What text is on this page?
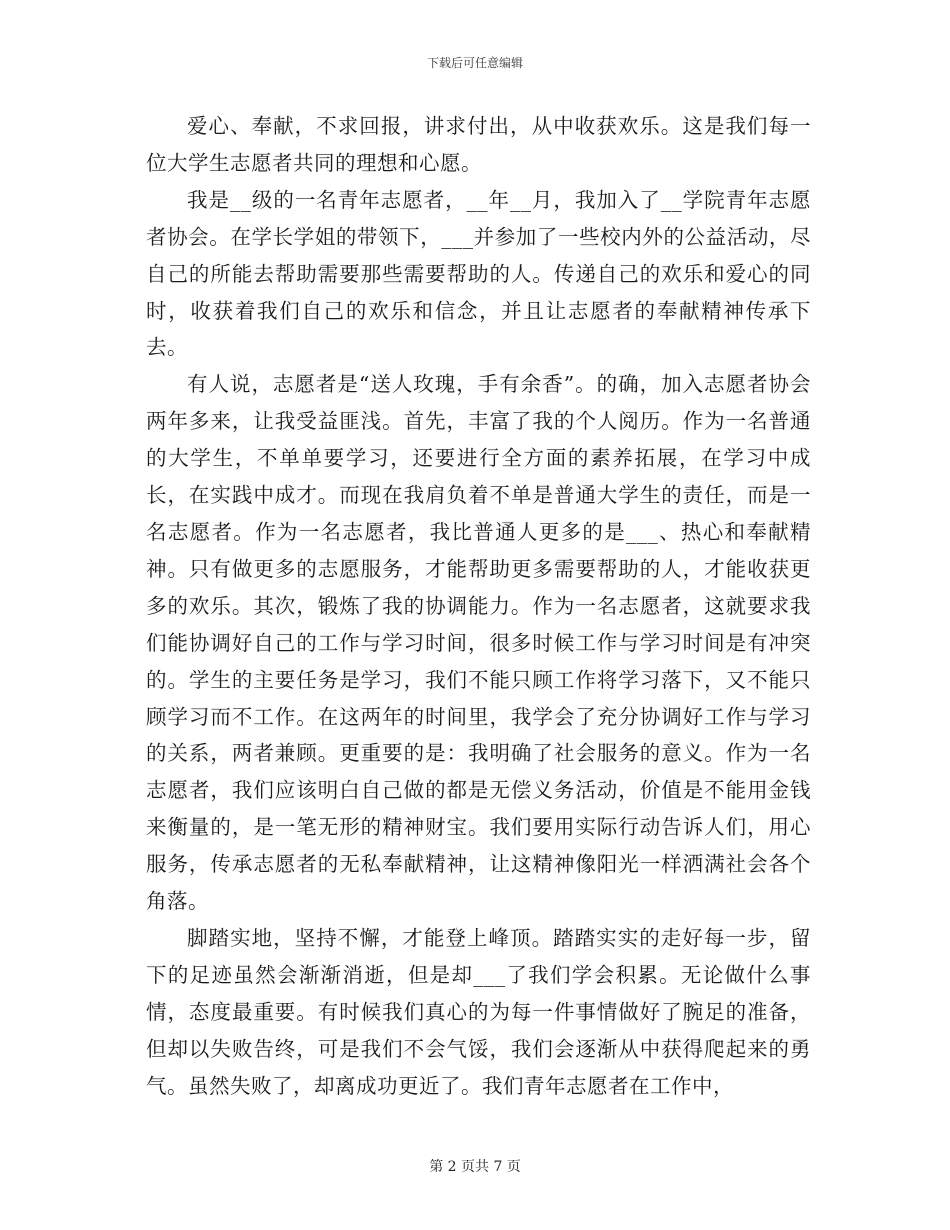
下载后可任意编辑

爱心、奉献，不求回报，讲求付出，从中收获欢乐。这是我们每一位大学生志愿者共同的理想和心愿。

我是__级的一名青年志愿者，__年__月，我加入了__学院青年志愿者协会。在学长学姐的带领下，___并参加了一些校内外的公益活动，尽自己的所能去帮助需要那些需要帮助的人。传递自己的欢乐和爱心的同时，收获着我们自己的欢乐和信念，并且让志愿者的奉献精神传承下去。

有人说，志愿者是“送人玫瑰，手有余香”。的确，加入志愿者协会两年多来，让我受益匪浅。首先，丰富了我的个人阅历。作为一名普通的大学生，不单单要学习，还要进行全方面的素养拓展，在学习中成长，在实践中成才。而现在我肩负着不单是普通大学生的责任，而是一名志愿者。作为一名志愿者，我比普通人更多的是___、热心和奉献精神。只有做更多的志愿服务，才能帮助更多需要帮助的人，才能收获更多的欢乐。其次，锻炼了我的协调能力。作为一名志愿者，这就要求我们能协调好自己的工作与学习时间，很多时候工作与学习时间是有冲突的。学生的主要任务是学习，我们不能只顾工作将学习落下，又不能只顾学习而不工作。在这两年的时间里，我学会了充分协调好工作与学习的关系，两者兼顾。更重要的是：我明确了社会服务的意义。作为一名志愿者，我们应该明白自己做的都是无偿义务活动，价值是不能用金钱来衡量的，是一笔无形的精神财宝。我们要用实际行动告诉人们，用心服务，传承志愿者的无私奉献精神，让这精神像阳光一样洒满社会各个角落。

脚踏实地，坚持不懈，才能登上峰顶。踏踏实实的走好每一步，留下的足迹虽然会渐渐消逝，但是却___了我们学会积累。无论做什么事情，态度最重要。有时候我们真心的为每一件事情做好了腕足的准备，但却以失败告终，可是我们不会气馁，我们会逐渐从中获得爬起来的勇气。虽然失败了，却离成功更近了。我们青年志愿者在工作中，

第 2 页共 7 页
